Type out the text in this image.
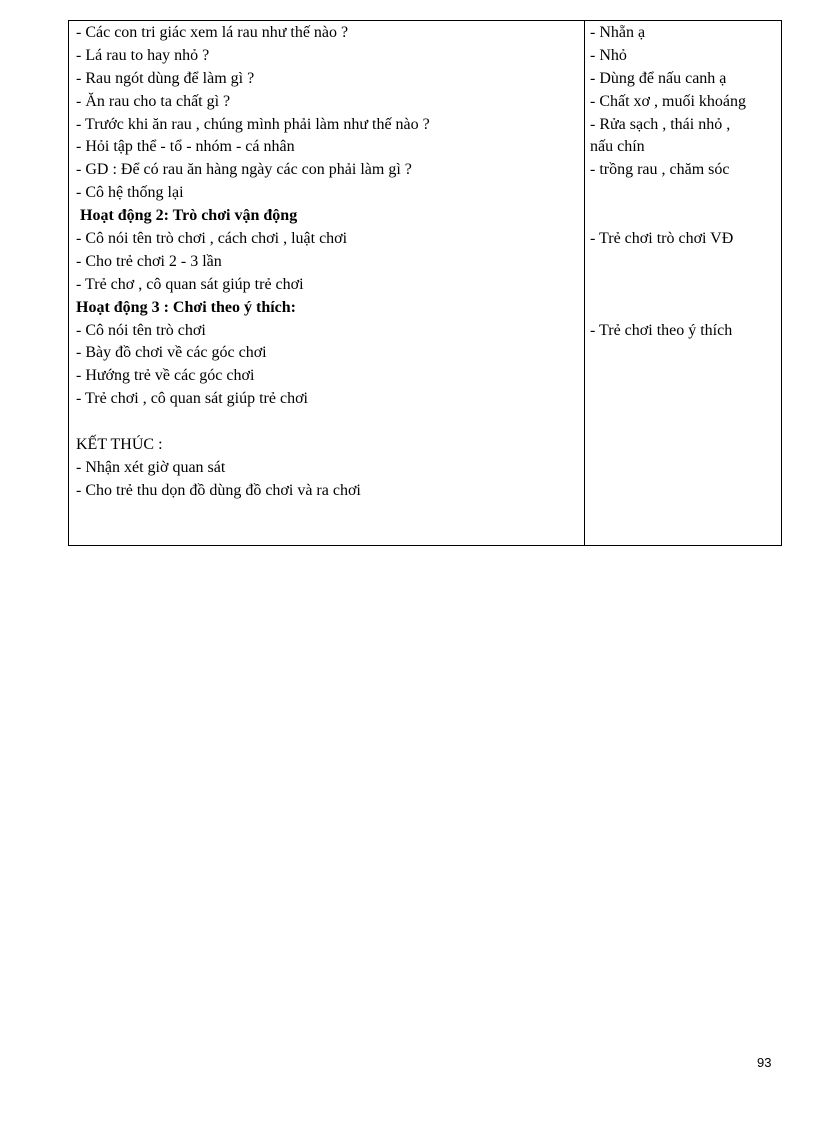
- Các con tri giác xem lá rau như thế nào ?
- Lá rau to hay nhỏ ?
- Rau ngót dùng để làm gì ?
- Ăn rau cho ta chất gì ?
- Trước khi ăn rau , chúng mình phải làm như thế nào ?
- Hỏi tập thể - tổ - nhóm - cá nhân
- GD : Để có rau ăn hàng ngày các con phải làm gì ?
- Cô hệ thống lại
Hoạt động 2: Trò chơi vận động
- Cô nói tên trò chơi , cách chơi , luật chơi
- Cho trẻ chơi 2 - 3 lần
- Trẻ chơ , cô quan sát giúp trẻ chơi
Hoạt động 3 : Chơi theo ý thích:
- Cô nói tên trò chơi
- Bày đồ chơi về các góc chơi
- Hướng trẻ về các góc chơi
- Trẻ chơi , cô quan sát giúp trẻ chơi
KẾT THÚC :
- Nhận xét giờ quan sát
- Cho trẻ thu dọn đồ dùng đồ chơi và ra chơi
- Nhẵn ạ
- Nhỏ
- Dùng để nấu canh ạ
- Chất xơ , muối khoáng
- Rửa sạch , thái nhỏ ,
nấu chín
- trồng rau , chăm sóc
- Trẻ chơi trò chơi VĐ
- Trẻ chơi theo ý thích
93
